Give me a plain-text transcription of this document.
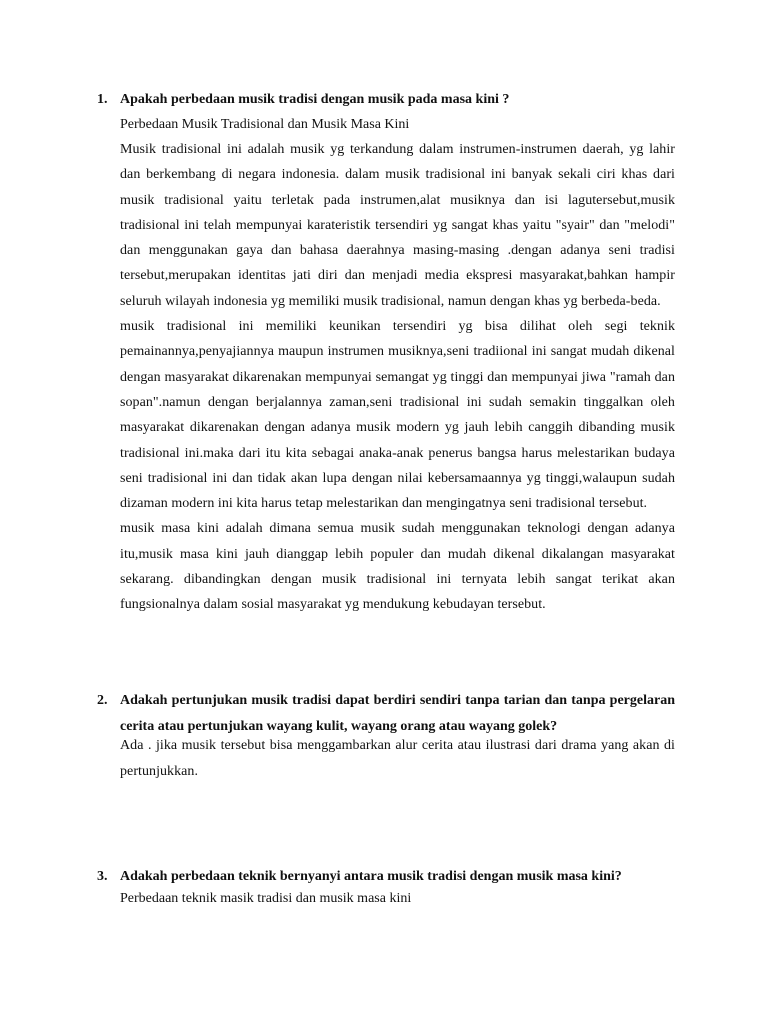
1. Apakah perbedaan musik tradisi dengan musik pada masa kini ?
Perbedaan Musik Tradisional dan Musik Masa Kini
Musik tradisional ini adalah musik yg terkandung dalam instrumen-instrumen daerah, yg lahir dan berkembang di negara indonesia. dalam musik tradisional ini banyak sekali ciri khas dari musik tradisional yaitu terletak pada instrumen,alat musiknya dan isi lagutersebut,musik tradisional ini telah mempunyai karateristik tersendiri yg sangat khas yaitu "syair" dan "melodi" dan menggunakan gaya dan bahasa daerahnya masing-masing .dengan adanya seni tradisi tersebut,merupakan identitas jati diri dan menjadi media ekspresi masyarakat,bahkan hampir seluruh wilayah indonesia yg memiliki musik tradisional, namun dengan khas yg berbeda-beda.
musik tradisional ini memiliki keunikan tersendiri yg bisa dilihat oleh segi teknik pemainannya,penyajiannya maupun instrumen musiknya,seni tradiional ini sangat mudah dikenal dengan masyarakat dikarenakan mempunyai semangat yg tinggi dan mempunyai jiwa "ramah dan sopan".namun dengan berjalannya zaman,seni tradisional ini sudah semakin tinggalkan oleh masyarakat dikarenakan dengan adanya musik modern yg jauh lebih canggih dibanding musik tradisional ini.maka dari itu kita sebagai anaka-anak penerus bangsa harus melestarikan budaya seni tradisional ini dan tidak akan lupa dengan nilai kebersamaannya yg tinggi,walaupun sudah dizaman modern ini kita harus tetap melestarikan dan mengingatnya seni tradisional tersebut.
musik masa kini adalah dimana semua musik sudah menggunakan teknologi dengan adanya itu,musik masa kini jauh dianggap lebih populer dan mudah dikenal dikalangan masyarakat sekarang. dibandingkan dengan musik tradisional ini ternyata lebih sangat terikat akan fungsionalnya dalam sosial masyarakat yg mendukung kebudayan tersebut.
2. Adakah pertunjukan musik tradisi dapat berdiri sendiri tanpa tarian dan tanpa pergelaran cerita atau pertunjukan wayang kulit, wayang orang atau wayang golek?
Ada . jika musik tersebut bisa menggambarkan alur cerita atau ilustrasi dari drama yang akan di pertunjukkan.
3. Adakah perbedaan teknik bernyanyi antara musik tradisi dengan musik masa kini?
Perbedaan teknik masik tradisi dan musik masa kini
